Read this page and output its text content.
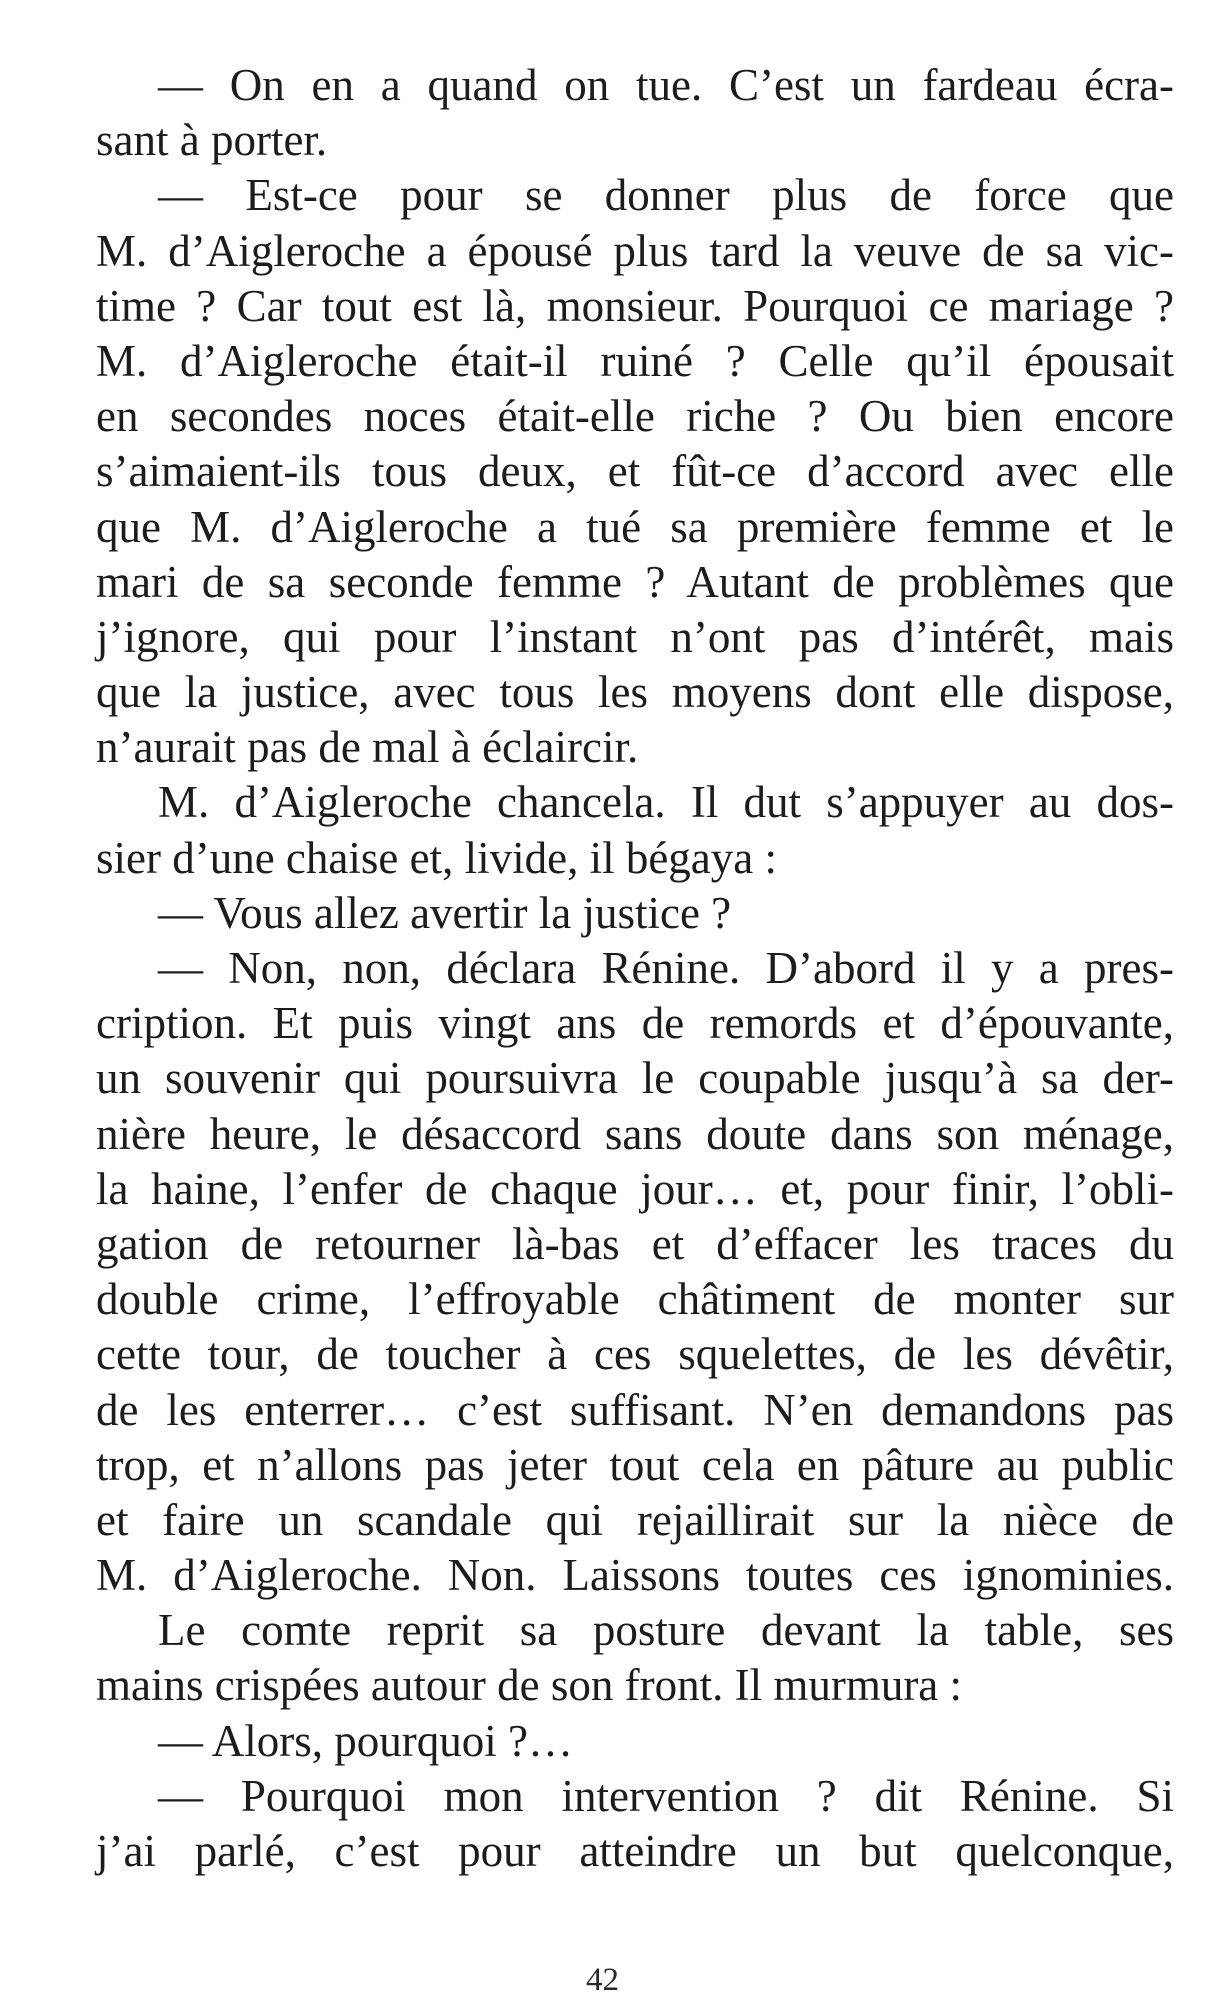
— On en a quand on tue. C’est un fardeau écra-
sant à porter.
— Est-ce pour se donner plus de force que
M. d’Aigleroche a épousé plus tard la veuve de sa vic-
time ? Car tout est là, monsieur. Pourquoi ce mariage ?
M. d’Aigleroche était-il ruiné ? Celle qu’il épousait
en secondes noces était-elle riche ? Ou bien encore
s’aimaient-ils tous deux, et fût-ce d’accord avec elle
que M. d’Aigleroche a tué sa première femme et le
mari de sa seconde femme ? Autant de problèmes que
j’ignore, qui pour l’instant n’ont pas d’intérêt, mais
que la justice, avec tous les moyens dont elle dispose,
n’aurait pas de mal à éclaircir.
M. d’Aigleroche chancela. Il dut s’appuyer au dos-
sier d’une chaise et, livide, il bégaya :
— Vous allez avertir la justice ?
— Non, non, déclara Rénine. D’abord il y a pres-
cription. Et puis vingt ans de remords et d’épouvante,
un souvenir qui poursuivra le coupable jusqu’à sa der-
nière heure, le désaccord sans doute dans son ménage,
la haine, l’enfer de chaque jour… et, pour finir, l’obli-
gation de retourner là-bas et d’effacer les traces du
double crime, l’effroyable châtiment de monter sur
cette tour, de toucher à ces squelettes, de les dévêtir,
de les enterrer… c’est suffisant. N’en demandons pas
trop, et n’allons pas jeter tout cela en pâture au public
et faire un scandale qui rejaillirait sur la nièce de
M. d’Aigleroche. Non. Laissons toutes ces ignominies.
Le comte reprit sa posture devant la table, ses
mains crispées autour de son front. Il murmura :
— Alors, pourquoi ?…
— Pourquoi mon intervention ? dit Rénine. Si
j’ai parlé, c’est pour atteindre un but quelconque,
42
